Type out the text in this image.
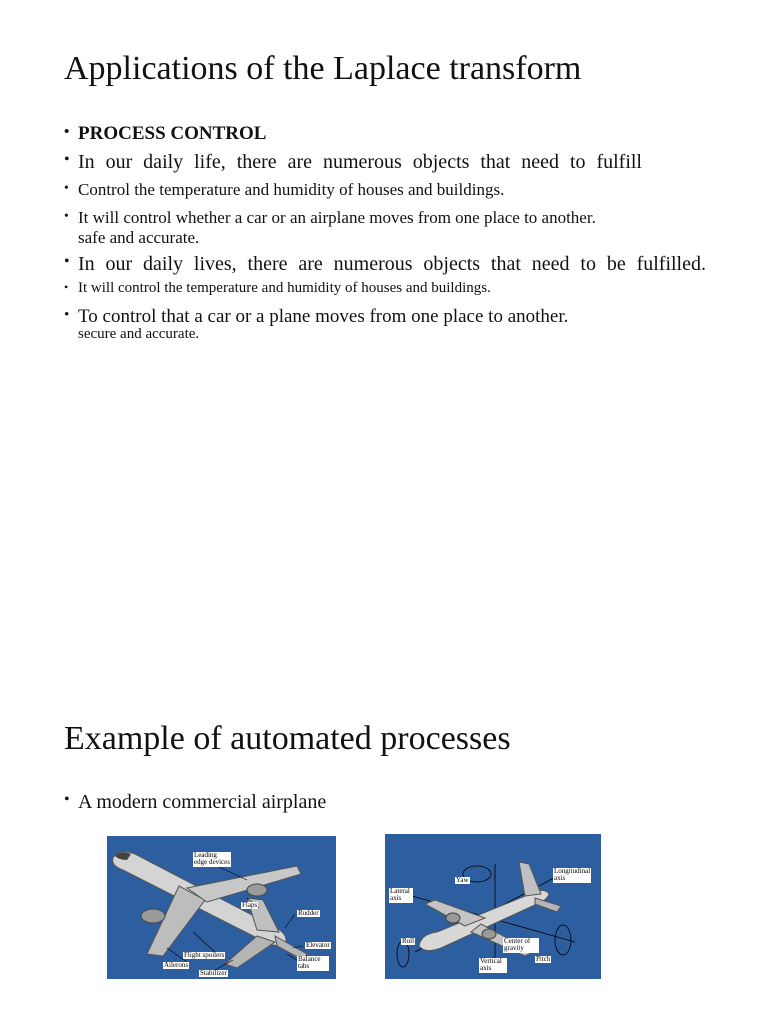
Applications of the Laplace transform
• PROCESS CONTROL
• In our daily life, there are numerous objects that need to fulfill
• Control the temperature and humidity of houses and buildings.
• It will control whether a car or an airplane moves from one place to another.
safe and accurate.
• In our daily lives, there are numerous objects that need to be fulfilled.
• It will control the temperature and humidity of houses and buildings.
• To control that a car or a plane moves from one place to another.
secure and accurate.
Example of automated processes
• A modern commercial airplane
Leading edge devices
Flaps
Rudder
Elevator
Flight spoilers
Ailerons
Stabilizer
Balance tabs
Yaw
Longitudinal axis
Lateral axis
Roll	Center of gravity
Vertical axis
Pitch
